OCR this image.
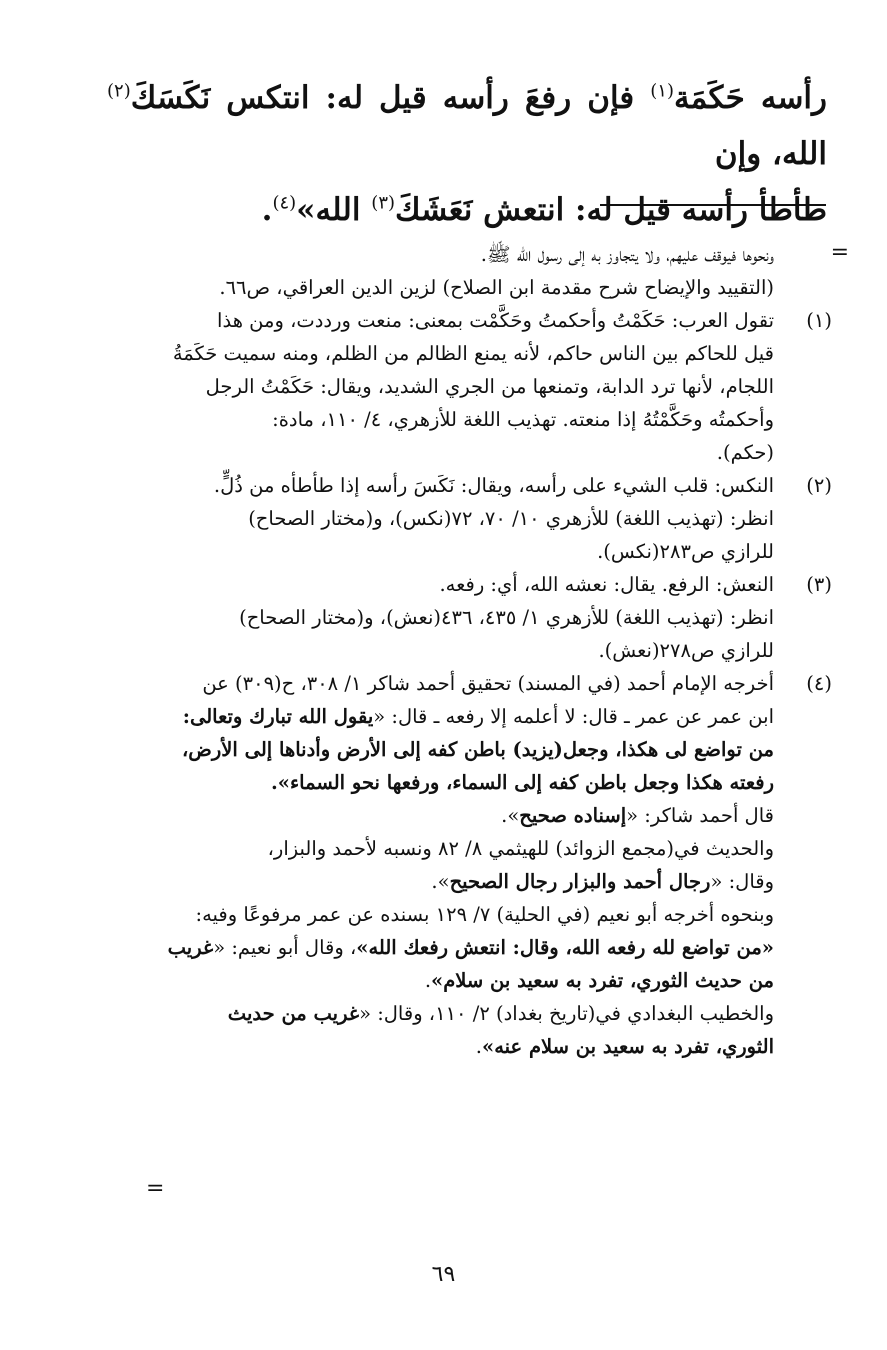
رأسه حَكَمَة$^{(١)}$ فإن رفعَ رأسه قيل له: انتكس نَكَسَكَ$^{(٢)}$ الله، وإن

طأطأ رأسه قيل له: انتعش نَعَشَكَ$^{(٣)}$ الله»$^{(٤)}$.

=

ونحوها فيوقف عليهم، ولا يتجاوز به إلى رسول الله ﷺ.

(التقييد والإيضاح شرح مقدمة ابن الصلاح) لزين الدين العراقي، ص٦٦.

(١)

تقول العرب: حَكَمْتُ وأحكمتُ وحَكَّمْت بمعنى: منعت ورددت، ومن هذا

قيل للحاكم بين الناس حاكم، لأنه يمنع الظالم من الظلم، ومنه سميت حَكَمَةُ

اللجام، لأنها ترد الدابة، وتمنعها من الجري الشديد، ويقال: حَكَمْتُ الرجل

وأحكمتُه وحَكَّمْتُهُ إذا منعته. تهذيب اللغة للأزهري، ٤/ ١١٠، مادة:

(حكم).

(٢)

النكس: قلب الشيء على رأسه، ويقال: نَكَسَ رأسه إذا طأطأه من ذُلٍّ.

انظر: (تهذيب اللغة) للأزهري ١٠/ ٧٠، ٧٢(نكس)، و(مختار الصحاح)

للرازي ص٢٨٣(نكس).

(٣)

النعش: الرفع. يقال: نعشه الله، أي: رفعه.

انظر: (تهذيب اللغة) للأزهري ١/ ٤٣٥، ٤٣٦(نعش)، و(مختار الصحاح)

للرازي ص٢٧٨(نعش).

(٤)

أخرجه الإمام أحمد (في المسند) تحقيق أحمد شاكر ١/ ٣٠٨، ح(٣٠٩) عن

ابن عمر عن عمر ـ قال: لا أعلمه إلا رفعه ـ قال: «يقول الله تبارك وتعالى:

من تواضع لى هكذا، وجعل(يزيد) باطن كفه إلى الأرض وأدناها إلى الأرض،

رفعته هكذا وجعل باطن كفه إلى السماء، ورفعها نحو السماء».

قال أحمد شاكر: «إسناده صحيح».

والحديث في(مجمع الزوائد) للهيثمي ٨/ ٨٢ ونسبه لأحمد والبزار،

وقال: «رجال أحمد والبزار رجال الصحيح».

وبنحوه أخرجه أبو نعيم (في الحلية) ٧/ ١٢٩ بسنده عن عمر مرفوعًا وفيه:

«من تواضع لله رفعه الله، وقال: انتعش رفعك الله»، وقال أبو نعيم: «غريب

من حديث الثوري، تفرد به سعيد بن سلام».

والخطيب البغدادي في(تاريخ بغداد) ٢/ ١١٠، وقال: «غريب من حديث

الثوري، تفرد به سعيد بن سلام عنه».

=
٦٩
